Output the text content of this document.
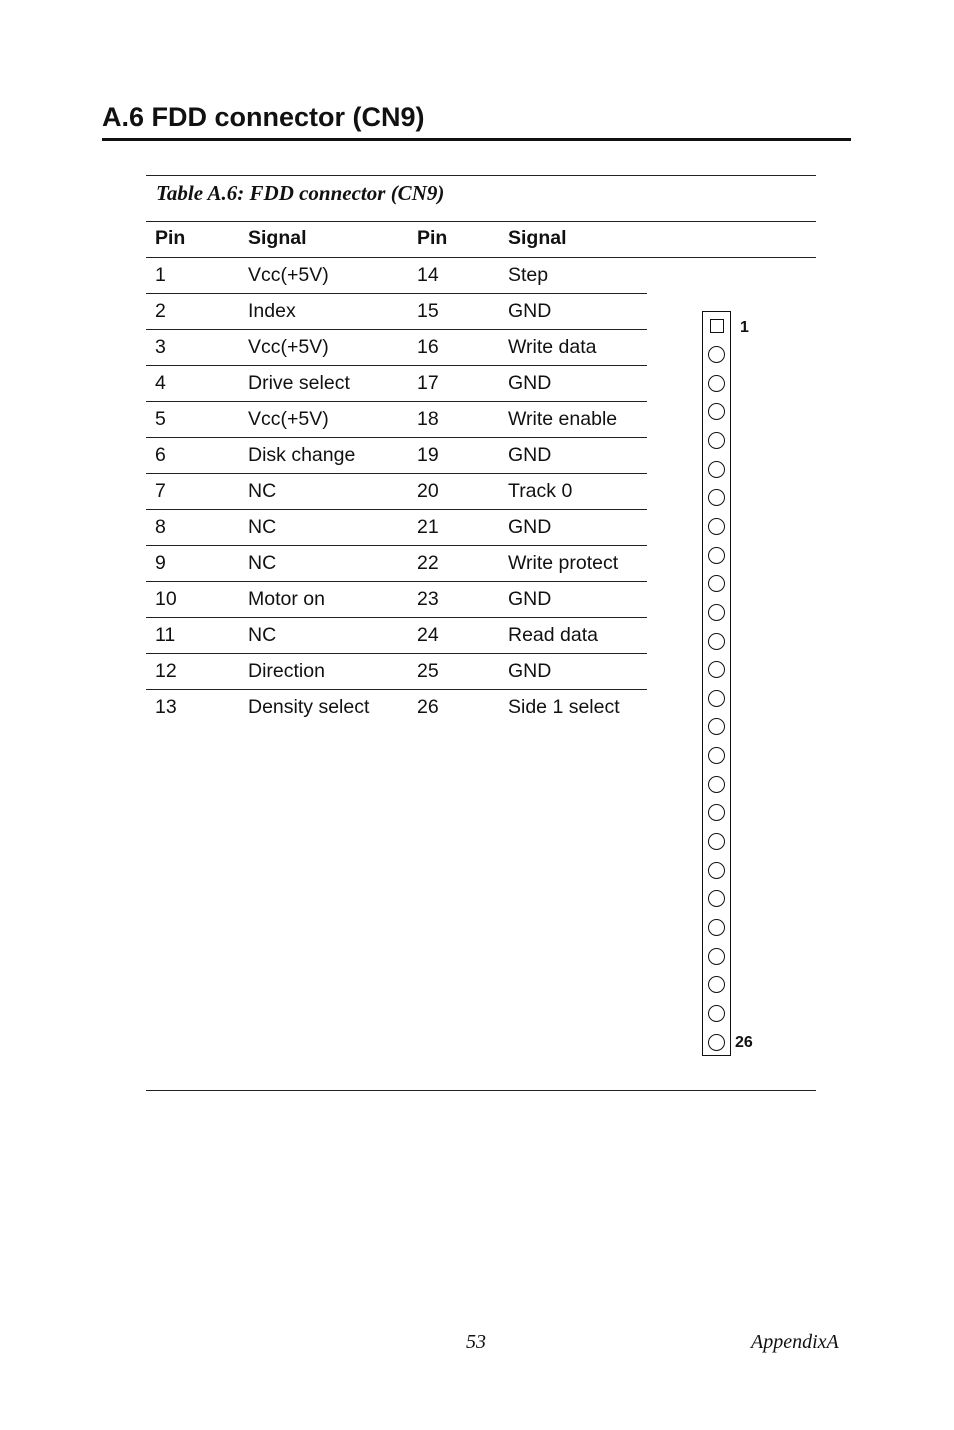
A.6 FDD connector (CN9)
Table A.6: FDD connector (CN9)
Pin	Signal	Pin	Signal
1	Vcc(+5V)	14	Step
2	Index	15	GND
3	Vcc(+5V)	16	Write data
4	Drive select	17	GND
5	Vcc(+5V)	18	Write enable
6	Disk change	19	GND
7	NC	20	Track 0
8	NC	21	GND
9	NC	22	Write protect
10	Motor on	23	GND
11	NC	24	Read data
12	Direction	25	GND
13	Density select 26	Side 1 select
1
26
53	AppendixA
